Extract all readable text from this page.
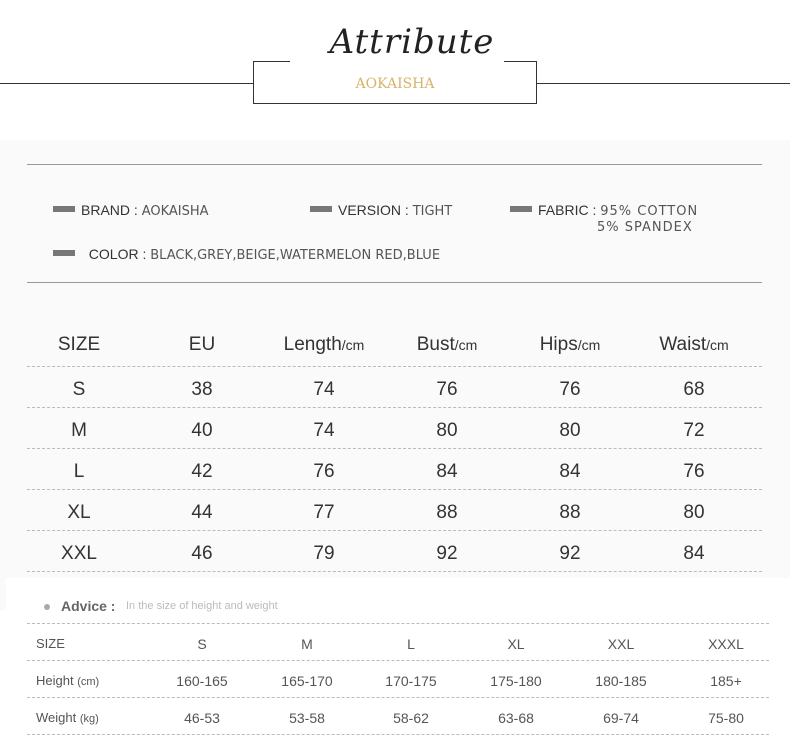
Attribute
AOKAISHA
BRAND : AOKAISHA	VERSION : TIGHT	FABRIC : 95% COTTON
5% SPANDEX
COLOR : BLACK,GREY,BEIGE,WATERMELON RED,BLUE
SIZE	EU	Length/cm	Bust/cm	Hips/cm	Waist/cm
S	38	74	76	76	68
M	40	74	80	80	72
L	42	76	84	84	76
XL	44	77	88	88	80
XXL	46	79	92	92	84
Advice : In the size of height and weight
SIZE	S	M	L	XL	XXL	XXXL
Height (cm)	160-165	165-170	170-175	175-180	180-185	185+
Weight (kg)	46-53	53-58	58-62	63-68	69-74	75-80
